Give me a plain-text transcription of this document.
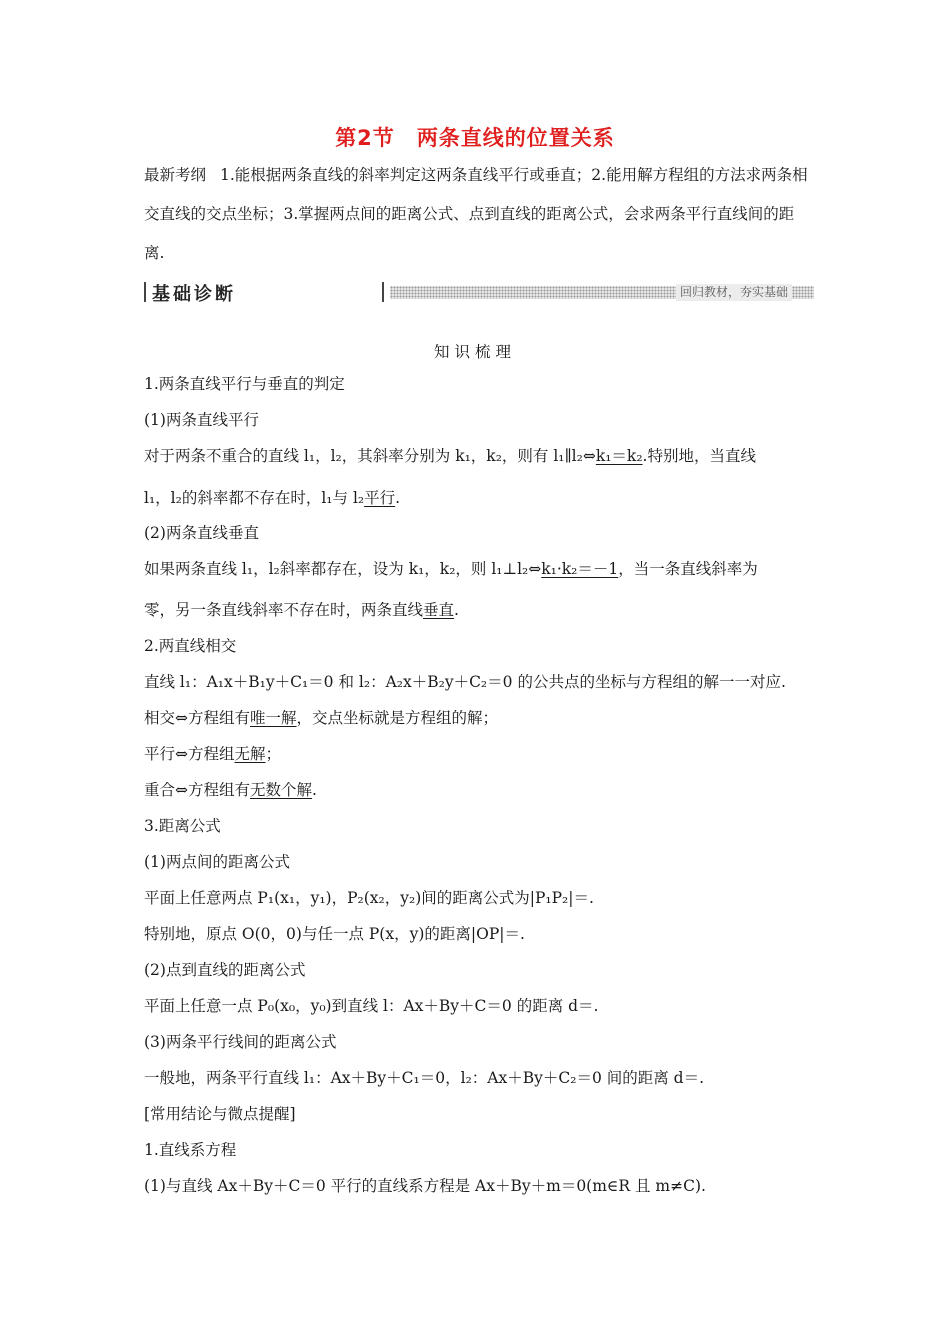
第2节 两条直线的位置关系
最新考纲 1.能根据两条直线的斜率判定这两条直线平行或垂直；2.能用解方程组的方法求两条相交直线的交点坐标；3.掌握两点间的距离公式、点到直线的距离公式，会求两条平行直线间的距离.
基础诊断	回归教材，夯实基础
知识梳理
1.两条直线平行与垂直的判定
(1)两条直线平行
对于两条不重合的直线 l₁，l₂，其斜率分别为 k₁，k₂，则有 l₁∥l₂⇔k₁＝k₂.特别地，当直线
l₁，l₂的斜率都不存在时，l₁与 l₂平行.
(2)两条直线垂直
如果两条直线 l₁，l₂斜率都存在，设为 k₁，k₂，则 l₁⊥l₂⇔k₁·k₂＝－1，当一条直线斜率为
零，另一条直线斜率不存在时，两条直线垂直.
2.两直线相交
直线 l₁：A₁x＋B₁y＋C₁＝0 和 l₂：A₂x＋B₂y＋C₂＝0 的公共点的坐标与方程组的解一一对应.
相交⇔方程组有唯一解，交点坐标就是方程组的解；
平行⇔方程组无解；
重合⇔方程组有无数个解.
3.距离公式
(1)两点间的距离公式
平面上任意两点 P₁(x₁，y₁)，P₂(x₂，y₂)间的距离公式为|P₁P₂|＝.
特别地，原点 O(0，0)与任一点 P(x，y)的距离|OP|＝.
(2)点到直线的距离公式
平面上任意一点 P₀(x₀，y₀)到直线 l：Ax＋By＋C＝0 的距离 d＝.
(3)两条平行线间的距离公式
一般地，两条平行直线 l₁：Ax＋By＋C₁＝0，l₂：Ax＋By＋C₂＝0 间的距离 d＝.
[常用结论与微点提醒]
1.直线系方程
(1)与直线 Ax＋By＋C＝0 平行的直线系方程是 Ax＋By＋m＝0(m∈R 且 m≠C).
